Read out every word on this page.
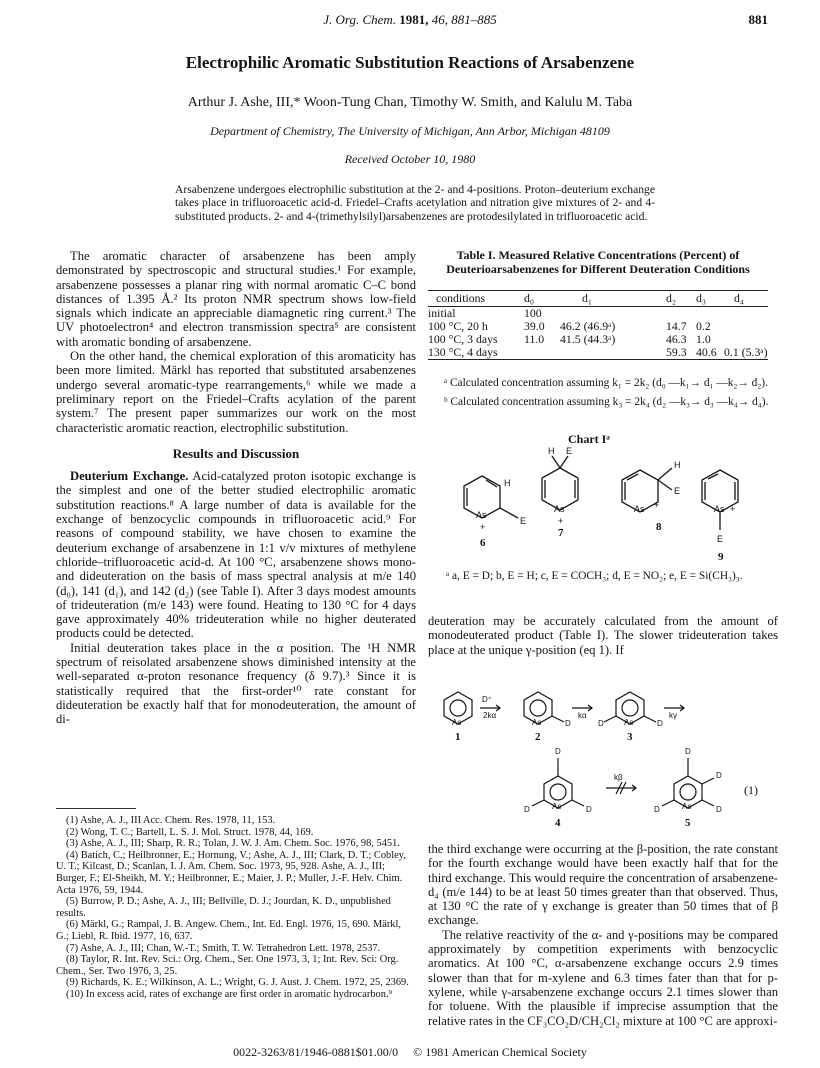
J. Org. Chem. 1981, 46, 881–885	881
Electrophilic Aromatic Substitution Reactions of Arsabenzene
Arthur J. Ashe, III,* Woon-Tung Chan, Timothy W. Smith, and Kalulu M. Taba
Department of Chemistry, The University of Michigan, Ann Arbor, Michigan 48109
Received October 10, 1980
Arsabenzene undergoes electrophilic substitution at the 2- and 4-positions. Proton–deuterium exchange takes place in trifluoroacetic acid-d. Friedel–Crafts acetylation and nitration give mixtures of 2- and 4-substituted products. 2- and 4-(trimethylsilyl)arsabenzenes are protodesilylated in trifluoroacetic acid.

The aromatic character of arsabenzene has been amply demonstrated by spectroscopic and structural studies.¹ For example, arsabenzene possesses a planar ring with normal aromatic C–C bond distances of 1.395 Å.² Its proton NMR spectrum shows low-field signals which indicate an appreciable diamagnetic ring current.³ The UV photoelectron⁴ and electron transmission spectra⁵ are consistent with aromatic bonding of arsabenzene.

On the other hand, the chemical exploration of this aromaticity has been more limited. Märkl has reported that substituted arsabenzenes undergo several aromatic-type rearrangements,⁶ while we made a preliminary report on the Friedel–Crafts acylation of the parent system.⁷ The present paper summarizes our work on the most characteristic aromatic reaction, electrophilic substitution.

Results and Discussion

Deuterium Exchange. Acid-catalyzed proton isotopic exchange is the simplest and one of the better studied electrophilic aromatic substitution reactions.⁸ A large number of data is available for the exchange of benzocyclic compounds in trifluoroacetic acid.⁹ For reasons of compound stability, we have chosen to examine the deuterium exchange of arsabenzene in 1:1 v/v mixtures of methylene chloride–trifluoroacetic acid-d. At 100 °C, arsabenzene shows mono- and dideuteration on the basis of mass spectral analysis at m/e 140 (d₀), 141 (d₁), and 142 (d₂) (see Table I). After 3 days modest amounts of trideuteration (m/e 143) were found. Heating to 130 °C for 4 days gave approximately 40% trideuteration while no higher deuterated products could be detected.

Initial deuteration takes place in the α position. The ¹H NMR spectrum of reisolated arsabenzene shows diminished intensity at the well-separated α-proton resonance frequency (δ 9.7).³ Since it is statistically required that the first-order¹⁰ rate constant for dideuteration be exactly half that for monodeuteration, the amount of di-

(1) Ashe, A. J., III Acc. Chem. Res. 1978, 11, 153.

(2) Wong, T. C.; Bartell, L. S. J. Mol. Struct. 1978, 44, 169.

(3) Ashe, A. J., III; Sharp, R. R.; Tolan, J. W. J. Am. Chem. Soc. 1976, 98, 5451.

(4) Batich, C.; Heilbronner, E.; Hornung, V.; Ashe, A. J., III; Clark, D. T.; Cobley, U. T.; Kilcast, D.; Scanlan, I. J. Am. Chem. Soc. 1973, 95, 928. Ashe, A. J., III; Burger, F.; El-Sheikh, M. Y.; Heilbronner, E.; Maier, J. P.; Muller, J.-F. Helv. Chim. Acta 1976, 59, 1944.

(5) Burrow, P. D.; Ashe, A. J., III; Bellville, D. J.; Jourdan, K. D., unpublished results.

(6) Märkl, G.; Rampal, J. B. Angew. Chem., Int. Ed. Engl. 1976, 15, 690. Märkl, G.; Liebl, R. Ibid. 1977, 16, 637.

(7) Ashe, A. J., III; Chan, W.-T.; Smith, T. W. Tetrahedron Lett. 1978, 2537.

(8) Taylor, R. Int. Rev. Sci.: Org. Chem., Ser. One 1973, 3, 1; Int. Rev. Sci: Org. Chem., Ser. Two 1976, 3, 25.

(9) Richards, K. E.; Wilkinson, A. L.; Wright, G. J. Aust. J. Chem. 1972, 25, 2369.

(10) In excess acid, rates of exchange are first order in aromatic hydrocarbon.⁹

Table I. Measured Relative Concentrations (Percent) of Deuterioarsabenzenes for Different Deuteration Conditions
conditions	d₀	d₁	d₂	d₃	d₄
initial	100				
100 °C, 20 h	39.0	46.2 (46.9ᵃ)	14.7	0.2	
100 °C, 3 days	11.0	41.5 (44.3ᵃ)	46.3	1.0	
130 °C, 4 days			59.3	40.6	0.1 (5.3ᵃ)
ᵃ Calculated concentration assuming k₁ = 2k₂ (d₀ —k₁→ d₁ —k₂→ d₂). ᵇ Calculated concentration assuming k₃ = 2k₄ (d₂ —k₃→ d₃ —k₄→ d₄).
Chart Iᵃ
As
+
H
E
As
+
H E
As +
H
E
As +
E
6
7	8
9
ᵃ a, E = D; b, E = H; c, E = COCH₃; d, E = NO₂; e, E = Si(CH₃)₃.

deuteration may be accurately calculated from the amount of monodeuterated product (Table I). The slower trideuteration takes place at the unique γ-position (eq 1). If

As
D⁺
2kα
As	D
kα
As
D	D
kγ
D
As
D	D
kβ
D
D
As
D	D
1	2	3
4	5
(1)

the third exchange were occurring at the β-position, the rate constant for the fourth exchange would have been exactly half that for the third exchange. This would require the concentration of arsabenzene-d₄ (m/e 144) to be at least 50 times greater than that observed. Thus, at 130 °C the rate of γ exchange is greater than 50 times that of β exchange.

The relative reactivity of the α- and γ-positions may be compared approximately by competition experiments with benzocyclic aromatics. At 100 °C, α-arsabenzene exchange occurs 2.9 times slower than that for m-xylene and 6.3 times fater than that for p-xylene, while γ-arsabenzene exchange occurs 2.1 times slower than for toluene. With the plausible if imprecise assumption that the relative rates in the CF₃CO₂D/CH₂Cl₂ mixture at 100 °C are approxi-

0022-3263/81/1946-0881$01.00/0 © 1981 American Chemical Society
